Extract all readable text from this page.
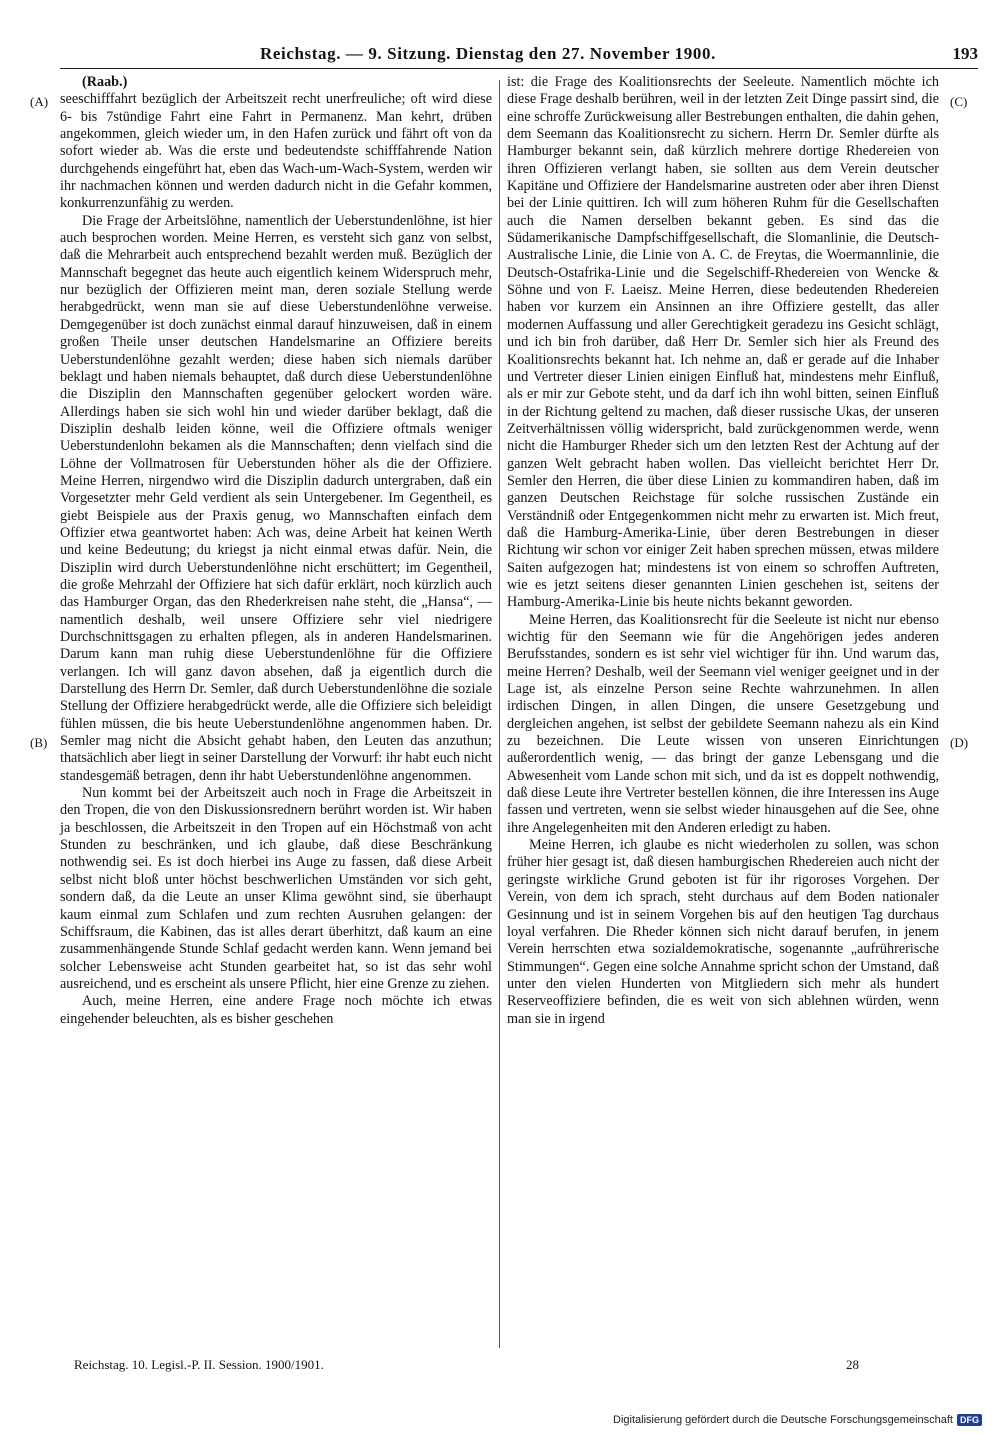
Reichstag. — 9. Sitzung. Dienstag den 27. November 1900.	193
(A)
(B)
(C)
(D)

(Raab.)

seeschifffahrt bezüglich der Arbeitszeit recht unerfreuliche; oft wird diese 6- bis 7stündige Fahrt eine Fahrt in Permanenz. Man kehrt, drüben angekommen, gleich wieder um, in den Hafen zurück und fährt oft von da sofort wieder ab. Was die erste und bedeutendste schifffahrende Nation durchgehends eingeführt hat, eben das Wach-um-Wach-System, werden wir ihr nachmachen können und werden dadurch nicht in die Gefahr kommen, konkurrenzunfähig zu werden.

Die Frage der Arbeitslöhne, namentlich der Ueberstundenlöhne, ist hier auch besprochen worden. Meine Herren, es versteht sich ganz von selbst, daß die Mehrarbeit auch entsprechend bezahlt werden muß. Bezüglich der Mannschaft begegnet das heute auch eigentlich keinem Widerspruch mehr, nur bezüglich der Offizieren meint man, deren soziale Stellung werde herabgedrückt, wenn man sie auf diese Ueberstundenlöhne verweise. Demgegenüber ist doch zunächst einmal darauf hinzuweisen, daß in einem großen Theile unser deutschen Handelsmarine an Offiziere bereits Ueberstundenlöhne gezahlt werden; diese haben sich niemals darüber beklagt und haben niemals behauptet, daß durch diese Ueberstundenlöhne die Disziplin den Mannschaften gegenüber gelockert worden wäre. Allerdings haben sie sich wohl hin und wieder darüber beklagt, daß die Disziplin deshalb leiden könne, weil die Offiziere oftmals weniger Ueberstundenlohn bekamen als die Mannschaften; denn vielfach sind die Löhne der Vollmatrosen für Ueberstunden höher als die der Offiziere. Meine Herren, nirgendwo wird die Disziplin dadurch untergraben, daß ein Vorgesetzter mehr Geld verdient als sein Untergebener. Im Gegentheil, es giebt Beispiele aus der Praxis genug, wo Mannschaften einfach dem Offizier etwa geantwortet haben: Ach was, deine Arbeit hat keinen Werth und keine Bedeutung; du kriegst ja nicht einmal etwas dafür. Nein, die Disziplin wird durch Ueberstundenlöhne nicht erschüttert; im Gegentheil, die große Mehrzahl der Offiziere hat sich dafür erklärt, noch kürzlich auch das Hamburger Organ, das den Rhederkreisen nahe steht, die „Hansa“, — namentlich deshalb, weil unsere Offiziere sehr viel niedrigere Durchschnittsgagen zu erhalten pflegen, als in anderen Handelsmarinen. Darum kann man ruhig diese Ueberstundenlöhne für die Offiziere verlangen. Ich will ganz davon absehen, daß ja eigentlich durch die Darstellung des Herrn Dr. Semler, daß durch Ueberstundenlöhne die soziale Stellung der Offiziere herabgedrückt werde, alle die Offiziere sich beleidigt fühlen müssen, die bis heute Ueberstundenlöhne angenommen haben. Dr. Semler mag nicht die Absicht gehabt haben, den Leuten das anzuthun; thatsächlich aber liegt in seiner Darstellung der Vorwurf: ihr habt euch nicht standesgemäß betragen, denn ihr habt Ueberstundenlöhne angenommen.

Nun kommt bei der Arbeitszeit auch noch in Frage die Arbeitszeit in den Tropen, die von den Diskussionsrednern berührt worden ist. Wir haben ja beschlossen, die Arbeitszeit in den Tropen auf ein Höchstmaß von acht Stunden zu beschränken, und ich glaube, daß diese Beschränkung nothwendig sei. Es ist doch hierbei ins Auge zu fassen, daß diese Arbeit selbst nicht bloß unter höchst beschwerlichen Umständen vor sich geht, sondern daß, da die Leute an unser Klima gewöhnt sind, sie überhaupt kaum einmal zum Schlafen und zum rechten Ausruhen gelangen: der Schiffsraum, die Kabinen, das ist alles derart überhitzt, daß kaum an eine zusammenhängende Stunde Schlaf gedacht werden kann. Wenn jemand bei solcher Lebensweise acht Stunden gearbeitet hat, so ist das sehr wohl ausreichend, und es erscheint als unsere Pflicht, hier eine Grenze zu ziehen.

Auch, meine Herren, eine andere Frage noch möchte ich etwas eingehender beleuchten, als es bisher geschehen

ist: die Frage des Koalitionsrechts der Seeleute. Namentlich möchte ich diese Frage deshalb berühren, weil in der letzten Zeit Dinge passirt sind, die eine schroffe Zurückweisung aller Bestrebungen enthalten, die dahin gehen, dem Seemann das Koalitionsrecht zu sichern. Herrn Dr. Semler dürfte als Hamburger bekannt sein, daß kürzlich mehrere dortige Rhedereien von ihren Offizieren verlangt haben, sie sollten aus dem Verein deutscher Kapitäne und Offiziere der Handelsmarine austreten oder aber ihren Dienst bei der Linie quittiren. Ich will zum höheren Ruhm für die Gesellschaften auch die Namen derselben bekannt geben. Es sind das die Südamerikanische Dampfschiffgesellschaft, die Slomanlinie, die Deutsch-Australische Linie, die Linie von A. C. de Freytas, die Woermannlinie, die Deutsch-Ostafrika-Linie und die Segelschiff-Rhedereien von Wencke & Söhne und von F. Laeisz. Meine Herren, diese bedeutenden Rhedereien haben vor kurzem ein Ansinnen an ihre Offiziere gestellt, das aller modernen Auffassung und aller Gerechtigkeit geradezu ins Gesicht schlägt, und ich bin froh darüber, daß Herr Dr. Semler sich hier als Freund des Koalitionsrechts bekannt hat. Ich nehme an, daß er gerade auf die Inhaber und Vertreter dieser Linien einigen Einfluß hat, mindestens mehr Einfluß, als er mir zur Gebote steht, und da darf ich ihn wohl bitten, seinen Einfluß in der Richtung geltend zu machen, daß dieser russische Ukas, der unseren Zeitverhältnissen völlig widerspricht, bald zurückgenommen werde, wenn nicht die Hamburger Rheder sich um den letzten Rest der Achtung auf der ganzen Welt gebracht haben wollen. Das vielleicht berichtet Herr Dr. Semler den Herren, die über diese Linien zu kommandiren haben, daß im ganzen Deutschen Reichstage für solche russischen Zustände ein Verständniß oder Entgegenkommen nicht mehr zu erwarten ist. Mich freut, daß die Hamburg-Amerika-Linie, über deren Bestrebungen in dieser Richtung wir schon vor einiger Zeit haben sprechen müssen, etwas mildere Saiten aufgezogen hat; mindestens ist von einem so schroffen Auftreten, wie es jetzt seitens dieser genannten Linien geschehen ist, seitens der Hamburg-Amerika-Linie bis heute nichts bekannt geworden.

Meine Herren, das Koalitionsrecht für die Seeleute ist nicht nur ebenso wichtig für den Seemann wie für die Angehörigen jedes anderen Berufsstandes, sondern es ist sehr viel wichtiger für ihn. Und warum das, meine Herren? Deshalb, weil der Seemann viel weniger geeignet und in der Lage ist, als einzelne Person seine Rechte wahrzunehmen. In allen irdischen Dingen, in allen Dingen, die unsere Gesetzgebung und dergleichen angehen, ist selbst der gebildete Seemann nahezu als ein Kind zu bezeichnen. Die Leute wissen von unseren Einrichtungen außerordentlich wenig, — das bringt der ganze Lebensgang und die Abwesenheit vom Lande schon mit sich, und da ist es doppelt nothwendig, daß diese Leute ihre Vertreter bestellen können, die ihre Interessen ins Auge fassen und vertreten, wenn sie selbst wieder hinausgehen auf die See, ohne ihre Angelegenheiten mit den Anderen erledigt zu haben.

Meine Herren, ich glaube es nicht wiederholen zu sollen, was schon früher hier gesagt ist, daß diesen hamburgischen Rhedereien auch nicht der geringste wirkliche Grund geboten ist für ihr rigoroses Vorgehen. Der Verein, von dem ich sprach, steht durchaus auf dem Boden nationaler Gesinnung und ist in seinem Vorgehen bis auf den heutigen Tag durchaus loyal verfahren. Die Rheder können sich nicht darauf berufen, in jenem Verein herrschten etwa sozialdemokratische, sogenannte „aufrührerische Stimmungen“. Gegen eine solche Annahme spricht schon der Umstand, daß unter den vielen Hunderten von Mitgliedern sich mehr als hundert Reserveoffiziere befinden, die es weit von sich ablehnen würden, wenn man sie in irgend

Reichstag. 10. Legisl.-P. II. Session. 1900/1901.	28
Digitalisierung gefördert durch die Deutsche Forschungsgemeinschaft DFG
